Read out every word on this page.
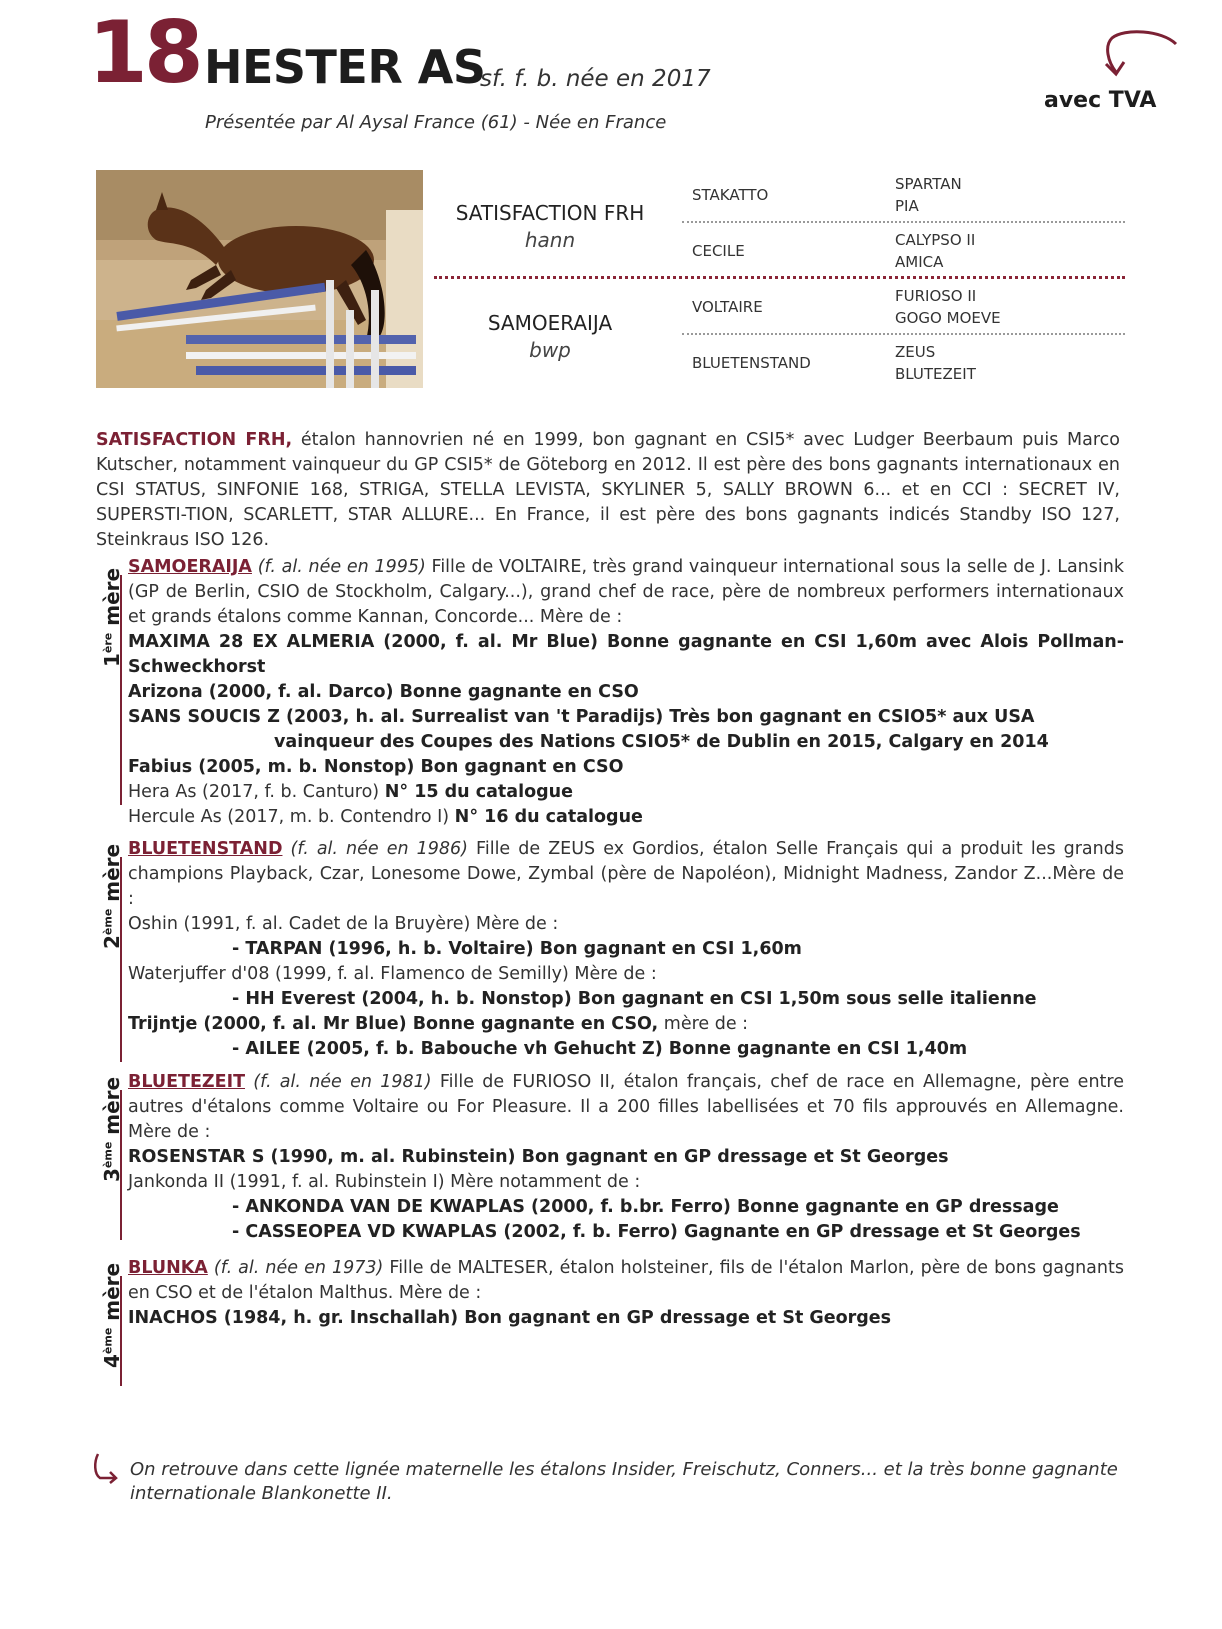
18 HESTER AS
sf. f. b. née en 2017
Présentée par Al Aysal France (61) - Née en France
avec TVA
SATISFACTION FRH
hann
SAMOERAIJA
bwp
STAKATTO
CECILE
VOLTAIRE
BLUETENSTAND
SPARTAN
PIA
CALYPSO II
AMICA
FURIOSO II
GOGO MOEVE
ZEUS
BLUTEZEIT
SATISFACTION FRH, étalon hannovrien né en 1999, bon gagnant en CSI5* avec Ludger Beerbaum puis Marco Kutscher, notamment vainqueur du GP CSI5* de Göteborg en 2012. Il est père des bons gagnants internationaux en CSI STATUS, SINFONIE 168, STRIGA, STELLA LEVISTA, SKYLINER 5, SALLY BROWN 6... et en CCI : SECRET IV, SUPERSTI-TION, SCARLETT, STAR ALLURE... En France, il est père des bons gagnants indicés Standby ISO 127, Steinkraus ISO 126.
1ère mère
SAMOERAIJA (f. al. née en 1995) Fille de VOLTAIRE, très grand vainqueur international sous la selle de J. Lansink (GP de Berlin, CSIO de Stockholm, Calgary...), grand chef de race, père de nombreux performers internationaux et grands étalons comme Kannan, Concorde... Mère de :
MAXIMA 28 EX ALMERIA (2000, f. al. Mr Blue) Bonne gagnante en CSI 1,60m avec Alois Pollman-Schweckhorst
Arizona (2000, f. al. Darco) Bonne gagnante en CSO
SANS SOUCIS Z (2003, h. al. Surrealist van 't Paradijs) Très bon gagnant en CSIO5* aux USA
vainqueur des Coupes des Nations CSIO5* de Dublin en 2015, Calgary en 2014
Fabius (2005, m. b. Nonstop) Bon gagnant en CSO
Hera As (2017, f. b. Canturo) N° 15 du catalogue
Hercule As (2017, m. b. Contendro I) N° 16 du catalogue
2ème mère BLUETENSTAND (f. al. née en 1986) Fille de ZEUS ex Gordios, étalon Selle Français qui a produit les grands champions Playback, Czar, Lonesome Dowe, Zymbal (père de Napoléon), Midnight Madness, Zandor Z...Mère de :
Oshin (1991, f. al. Cadet de la Bruyère) Mère de :
- TARPAN (1996, h. b. Voltaire) Bon gagnant en CSI 1,60m
Waterjuffer d'08 (1999, f. al. Flamenco de Semilly) Mère de :
- HH Everest (2004, h. b. Nonstop) Bon gagnant en CSI 1,50m sous selle italienne
Trijntje (2000, f. al. Mr Blue) Bonne gagnante en CSO, mère de :
- AILEE (2005, f. b. Babouche vh Gehucht Z) Bonne gagnante en CSI 1,40m
3ème mère BLUETEZEIT (f. al. née en 1981) Fille de FURIOSO II, étalon français, chef de race en Allemagne, père entre autres d'étalons comme Voltaire ou For Pleasure. Il a 200 filles labellisées et 70 fils approuvés en Allemagne. Mère de :
ROSENSTAR S (1990, m. al. Rubinstein) Bon gagnant en GP dressage et St Georges
Jankonda II (1991, f. al. Rubinstein I) Mère notamment de :
- ANKONDA VAN DE KWAPLAS (2000, f. b.br. Ferro) Bonne gagnante en GP dressage
- CASSEOPEA VD KWAPLAS (2002, f. b. Ferro) Gagnante en GP dressage et St Georges
4ème mère BLUNKA (f. al. née en 1973) Fille de MALTESER, étalon holsteiner, fils de l'étalon Marlon, père de bons gagnants en CSO et de l'étalon Malthus. Mère de :
INACHOS (1984, h. gr. Inschallah) Bon gagnant en GP dressage et St Georges
On retrouve dans cette lignée maternelle les étalons Insider, Freischutz, Conners... et la très bonne gagnante internationale Blankonette II.
